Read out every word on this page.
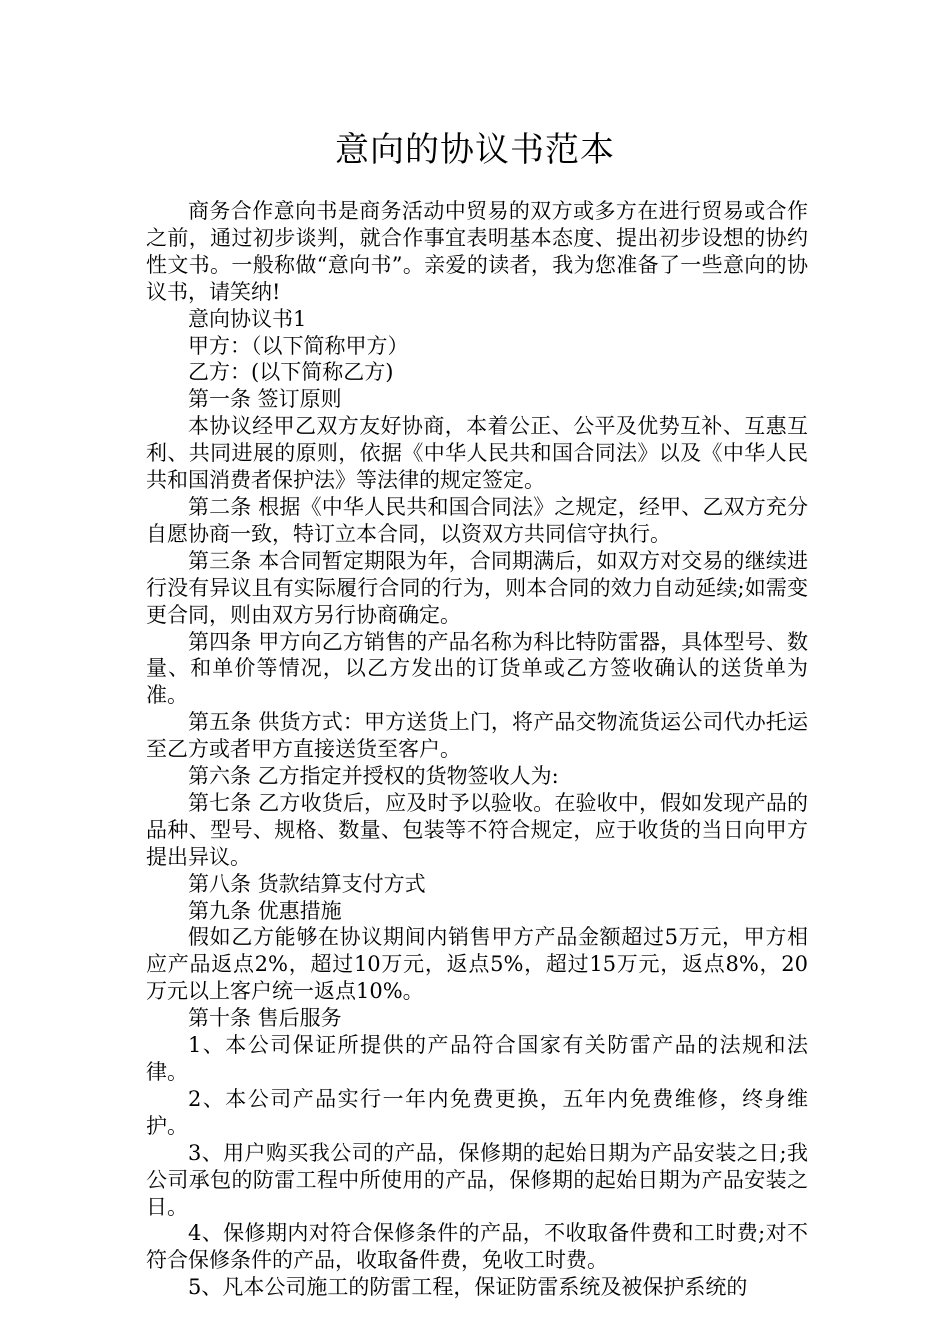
意向的协议书范本

商务合作意向书是商务活动中贸易的双方或多方在进行贸易或合作之前，通过初步谈判，就合作事宜表明基本态度、提出初步设想的协约性文书。一般称做“意向书”。亲爱的读者，我为您准备了一些意向的协议书，请笑纳!

意向协议书1

甲方：（以下简称甲方）

乙方：(以下简称乙方)

第一条 签订原则

本协议经甲乙双方友好协商，本着公正、公平及优势互补、互惠互利、共同进展的原则，依据《中华人民共和国合同法》以及《中华人民共和国消费者保护法》等法律的规定签定。

第二条 根据《中华人民共和国合同法》之规定，经甲、乙双方充分自愿协商一致，特订立本合同，以资双方共同信守执行。

第三条 本合同暂定期限为年，合同期满后，如双方对交易的继续进行没有异议且有实际履行合同的行为，则本合同的效力自动延续;如需变更合同，则由双方另行协商确定。

第四条 甲方向乙方销售的产品名称为科比特防雷器，具体型号、数量、和单价等情况，以乙方发出的订货单或乙方签收确认的送货单为准。

第五条 供货方式：甲方送货上门，将产品交物流货运公司代办托运至乙方或者甲方直接送货至客户。

第六条 乙方指定并授权的货物签收人为:

第七条 乙方收货后，应及时予以验收。在验收中，假如发现产品的品种、型号、规格、数量、包装等不符合规定，应于收货的当日向甲方提出异议。

第八条 货款结算支付方式

第九条 优惠措施

假如乙方能够在协议期间内销售甲方产品金额超过5万元，甲方相应产品返点2%，超过10万元，返点5%，超过15万元，返点8%，20万元以上客户统一返点10%。

第十条 售后服务

1、本公司保证所提供的产品符合国家有关防雷产品的法规和法律。

2、本公司产品实行一年内免费更换，五年内免费维修，终身维护。

3、用户购买我公司的产品，保修期的起始日期为产品安装之日;我公司承包的防雷工程中所使用的产品，保修期的起始日期为产品安装之日。

4、保修期内对符合保修条件的产品，不收取备件费和工时费;对不符合保修条件的产品，收取备件费，免收工时费。

5、凡本公司施工的防雷工程，保证防雷系统及被保护系统的
